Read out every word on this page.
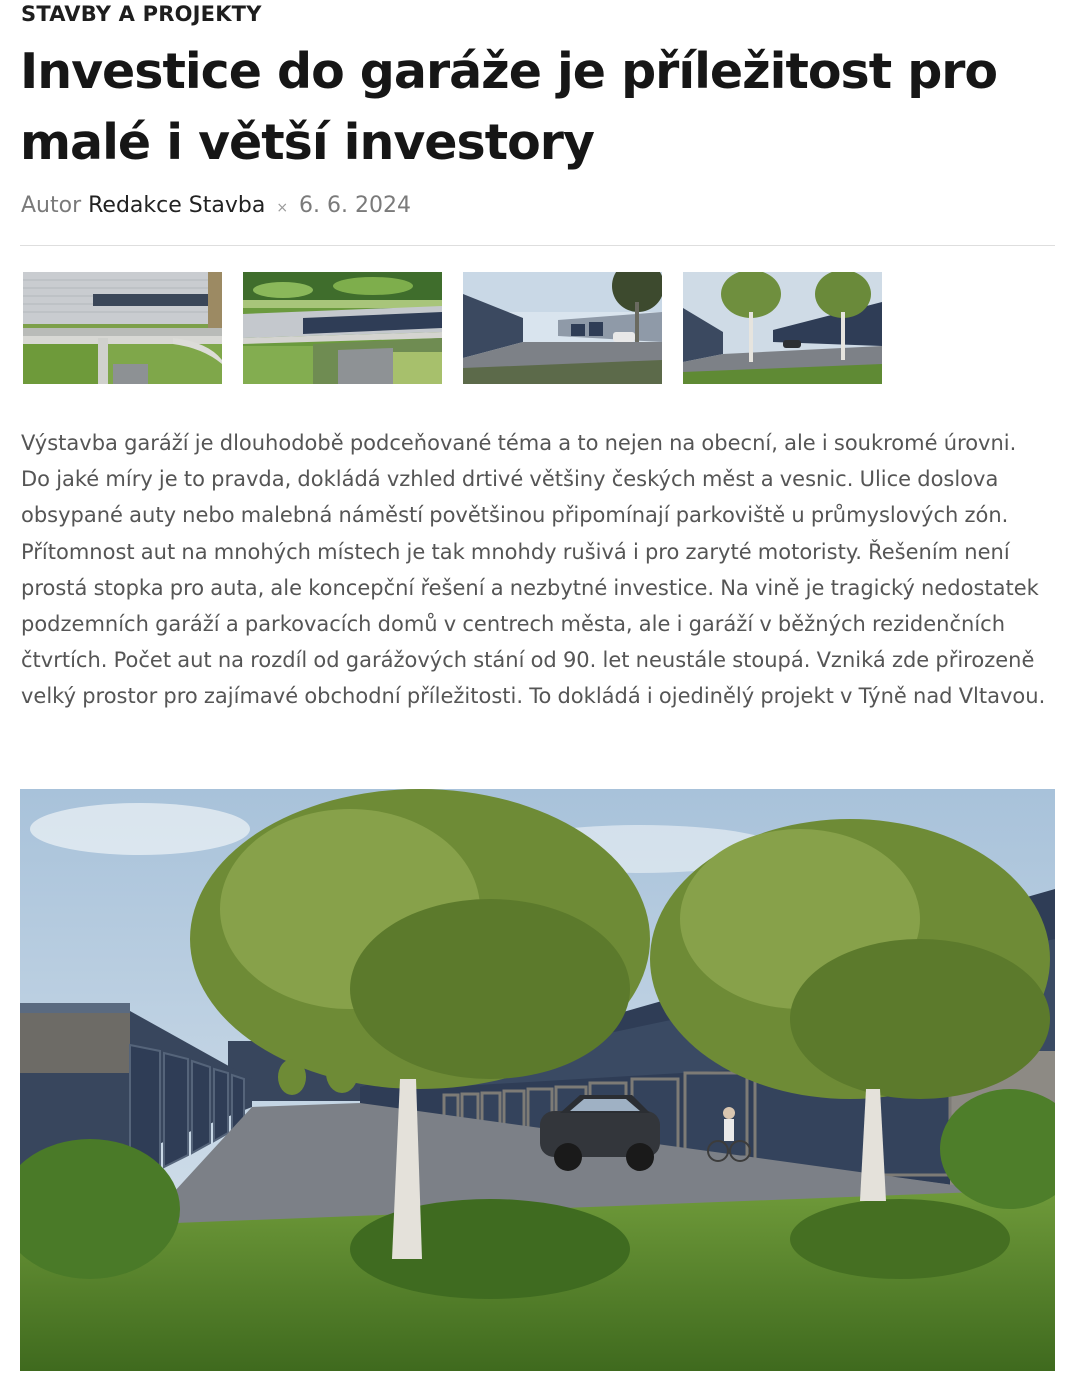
STAVBY A PROJEKTY
Investice do garáže je příležitost pro malé i větší investory
Autor Redakce Stavba × 6. 6. 2024

Výstavba garáží je dlouhodobě podceňované téma a to nejen na obecní, ale i soukromé úrovni. Do jaké míry je to pravda, dokládá vzhled drtivé většiny českých měst a vesnic. Ulice doslova obsypané auty nebo malebná náměstí povětšinou připomínají parkoviště u průmyslových zón. Přítomnost aut na mnohých místech je tak mnohdy rušivá i pro zaryté motoristy. Řešením není prostá stopka pro auta, ale koncepční řešení a nezbytné investice. Na vině je tragický nedostatek podzemních garáží a parkovacích domů v centrech města, ale i garáží v běžných rezidenčních čtvrtích. Počet aut na rozdíl od garážových stání od 90. let neustále stoupá. Vzniká zde přirozeně velký prostor pro zajímavé obchodní příležitosti. To dokládá i ojedinělý projekt v Týně nad Vltavou.
